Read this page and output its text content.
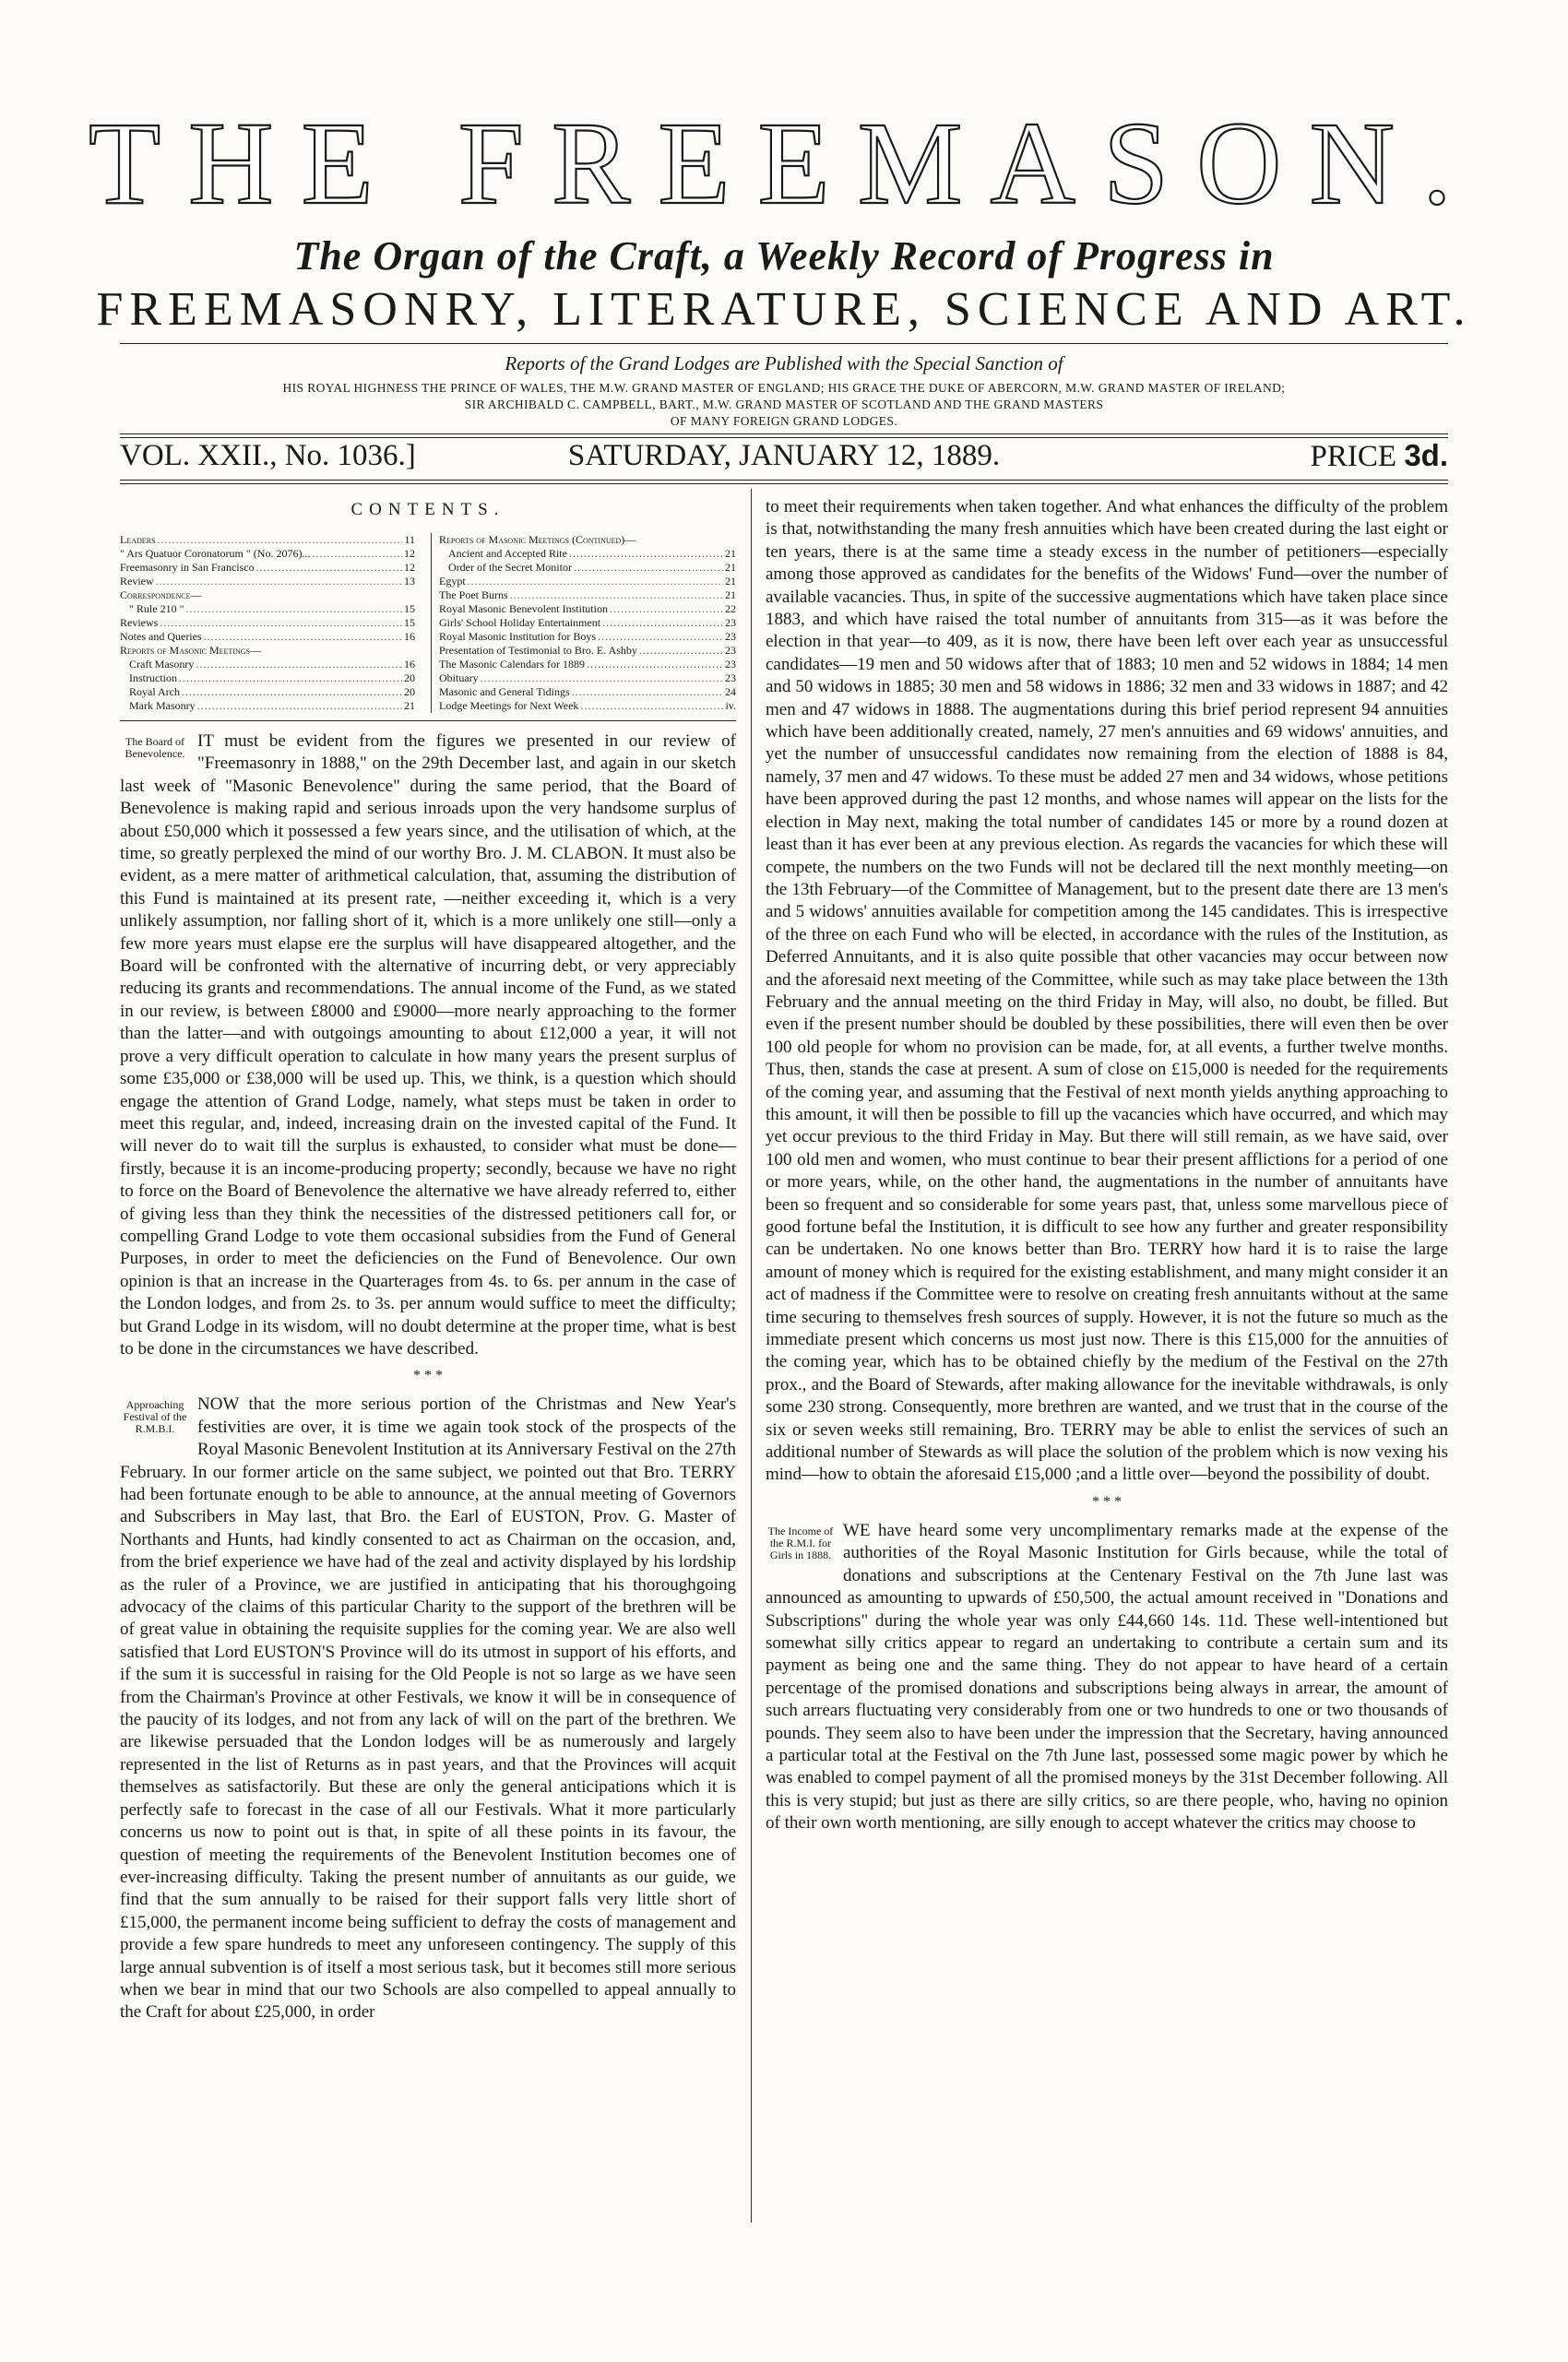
THE FREEMASON.
The Organ of the Craft, a Weekly Record of Progress in
FREEMASONRY, LITERATURE, SCIENCE AND ART.
Reports of the Grand Lodges are Published with the Special Sanction of
HIS ROYAL HIGHNESS THE PRINCE OF WALES, THE M.W. GRAND MASTER OF ENGLAND; HIS GRACE THE DUKE OF ABERCORN, M.W. GRAND MASTER OF IRELAND;
SIR ARCHIBALD C. CAMPBELL, BART., M.W. GRAND MASTER OF SCOTLAND AND THE GRAND MASTERS
OF MANY FOREIGN GRAND LODGES.
VOL. XXII., No. 1036.]	SATURDAY, JANUARY 12, 1889.	PRICE 3d.
CONTENTS.
Leaders .....	11
" Ars Quatuor Coronatorum " (No. 2076)... .....	12
Freemasonry in San Francisco .....	12
Review .....	13
Correspondence—
" Rule 210 " .....	15
Reviews .....	15
Notes and Queries .....	16
Reports of Masonic Meetings—
Craft Masonry .....	16
Instruction .....	20
Royal Arch .....	20
Mark Masonry .....	21
Reports of Masonic Meetings (Continued)—
Ancient and Accepted Rite .....	21
Order of the Secret Monitor .....	21
Egypt .....	21
The Poet Burns .....	21
Royal Masonic Benevolent Institution .....	22
Girls' School Holiday Entertainment .....	23
Royal Masonic Institution for Boys .....	23
Presentation of Testimonial to Bro. E. Ashby .....	23
The Masonic Calendars for 1889 .....	23
Obituary .....	23
Masonic and General Tidings .....	24
Lodge Meetings for Next Week .....	iv.
The Board of Benevolence.

IT must be evident from the figures we presented in our review of "Freemasonry in 1888," on the 29th December last, and again in our sketch last week of "Masonic Benevolence" during the same period, that the Board of Benevolence is making rapid and serious inroads upon the very handsome surplus of about £50,000 which it possessed a few years since, and the utilisation of which, at the time, so greatly perplexed the mind of our worthy Bro. J. M. CLABON. It must also be evident, as a mere matter of arithmetical calculation, that, assuming the distribution of this Fund is maintained at its present rate, —neither exceeding it, which is a very unlikely assumption, nor falling short of it, which is a more unlikely one still—only a few more years must elapse ere the surplus will have disappeared altogether, and the Board will be confronted with the alternative of incurring debt, or very appreciably reducing its grants and recommendations. The annual income of the Fund, as we stated in our review, is between £8000 and £9000—more nearly approaching to the former than the latter—and with outgoings amounting to about £12,000 a year, it will not prove a very difficult operation to calculate in how many years the present surplus of some £35,000 or £38,000 will be used up. This, we think, is a question which should engage the attention of Grand Lodge, namely, what steps must be taken in order to meet this regular, and, indeed, increasing drain on the invested capital of the Fund. It will never do to wait till the surplus is exhausted, to consider what must be done—firstly, because it is an income-producing property; secondly, because we have no right to force on the Board of Benevolence the alternative we have already referred to, either of giving less than they think the necessities of the distressed petitioners call for, or compelling Grand Lodge to vote them occasional subsidies from the Fund of General Purposes, in order to meet the deficiencies on the Fund of Benevolence. Our own opinion is that an increase in the Quarterages from 4s. to 6s. per annum in the case of the London lodges, and from 2s. to 3s. per annum would suffice to meet the difficulty; but Grand Lodge in its wisdom, will no doubt determine at the proper time, what is best to be done in the circumstances we have described.

* * *
Approaching Festival of the R.M.B.I.

NOW that the more serious portion of the Christmas and New Year's festivities are over, it is time we again took stock of the prospects of the Royal Masonic Benevolent Institution at its Anniversary Festival on the 27th February. In our former article on the same subject, we pointed out that Bro. TERRY had been fortunate enough to be able to announce, at the annual meeting of Governors and Subscribers in May last, that Bro. the Earl of EUSTON, Prov. G. Master of Northants and Hunts, had kindly consented to act as Chairman on the occasion, and, from the brief experience we have had of the zeal and activity displayed by his lordship as the ruler of a Province, we are justified in anticipating that his thoroughgoing advocacy of the claims of this particular Charity to the support of the brethren will be of great value in obtaining the requisite supplies for the coming year. We are also well satisfied that Lord EUSTON'S Province will do its utmost in support of his efforts, and if the sum it is successful in raising for the Old People is not so large as we have seen from the Chairman's Province at other Festivals, we know it will be in consequence of the paucity of its lodges, and not from any lack of will on the part of the brethren. We are likewise persuaded that the London lodges will be as numerously and largely represented in the list of Returns as in past years, and that the Provinces will acquit themselves as satisfactorily. But these are only the general anticipations which it is perfectly safe to forecast in the case of all our Festivals. What it more particularly concerns us now to point out is that, in spite of all these points in its favour, the question of meeting the requirements of the Benevolent Institution becomes one of ever-increasing difficulty. Taking the present number of annuitants as our guide, we find that the sum annually to be raised for their support falls very little short of £15,000, the permanent income being sufficient to defray the costs of management and provide a few spare hundreds to meet any unforeseen contingency. The supply of this large annual subvention is of itself a most serious task, but it becomes still more serious when we bear in mind that our two Schools are also compelled to appeal annually to the Craft for about £25,000, in order

to meet their requirements when taken together. And what enhances the difficulty of the problem is that, notwithstanding the many fresh annuities which have been created during the last eight or ten years, there is at the same time a steady excess in the number of petitioners—especially among those approved as candidates for the benefits of the Widows' Fund—over the number of available vacancies. Thus, in spite of the successive augmentations which have taken place since 1883, and which have raised the total number of annuitants from 315—as it was before the election in that year—to 409, as it is now, there have been left over each year as unsuccessful candidates—19 men and 50 widows after that of 1883; 10 men and 52 widows in 1884; 14 men and 50 widows in 1885; 30 men and 58 widows in 1886; 32 men and 33 widows in 1887; and 42 men and 47 widows in 1888. The augmentations during this brief period represent 94 annuities which have been additionally created, namely, 27 men's annuities and 69 widows' annuities, and yet the number of unsuccessful candidates now remaining from the election of 1888 is 84, namely, 37 men and 47 widows. To these must be added 27 men and 34 widows, whose petitions have been approved during the past 12 months, and whose names will appear on the lists for the election in May next, making the total number of candidates 145 or more by a round dozen at least than it has ever been at any previous election. As regards the vacancies for which these will compete, the numbers on the two Funds will not be declared till the next monthly meeting—on the 13th February—of the Committee of Management, but to the present date there are 13 men's and 5 widows' annuities available for competition among the 145 candidates. This is irrespective of the three on each Fund who will be elected, in accordance with the rules of the Institution, as Deferred Annuitants, and it is also quite possible that other vacancies may occur between now and the aforesaid next meeting of the Committee, while such as may take place between the 13th February and the annual meeting on the third Friday in May, will also, no doubt, be filled. But even if the present number should be doubled by these possibilities, there will even then be over 100 old people for whom no provision can be made, for, at all events, a further twelve months. Thus, then, stands the case at present. A sum of close on £15,000 is needed for the requirements of the coming year, and assuming that the Festival of next month yields anything approaching to this amount, it will then be possible to fill up the vacancies which have occurred, and which may yet occur previous to the third Friday in May. But there will still remain, as we have said, over 100 old men and women, who must continue to bear their present afflictions for a period of one or more years, while, on the other hand, the augmentations in the number of annuitants have been so frequent and so considerable for some years past, that, unless some marvellous piece of good fortune befal the Institution, it is difficult to see how any further and greater responsibility can be undertaken. No one knows better than Bro. TERRY how hard it is to raise the large amount of money which is required for the existing establishment, and many might consider it an act of madness if the Committee were to resolve on creating fresh annuitants without at the same time securing to themselves fresh sources of supply. However, it is not the future so much as the immediate present which concerns us most just now. There is this £15,000 for the annuities of the coming year, which has to be obtained chiefly by the medium of the Festival on the 27th prox., and the Board of Stewards, after making allowance for the inevitable withdrawals, is only some 230 strong. Consequently, more brethren are wanted, and we trust that in the course of the six or seven weeks still remaining, Bro. TERRY may be able to enlist the services of such an additional number of Stewards as will place the solution of the problem which is now vexing his mind—how to obtain the aforesaid £15,000 ;and a little over—beyond the possibility of doubt.

* * *
The Income of the R.M.I. for Girls in 1888.

WE have heard some very uncomplimentary remarks made at the expense of the authorities of the Royal Masonic Institution for Girls because, while the total of donations and subscriptions at the Centenary Festival on the 7th June last was announced as amounting to upwards of £50,500, the actual amount received in "Donations and Subscriptions" during the whole year was only £44,660 14s. 11d. These well-intentioned but somewhat silly critics appear to regard an undertaking to contribute a certain sum and its payment as being one and the same thing. They do not appear to have heard of a certain percentage of the promised donations and subscriptions being always in arrear, the amount of such arrears fluctuating very considerably from one or two hundreds to one or two thousands of pounds. They seem also to have been under the impression that the Secretary, having announced a particular total at the Festival on the 7th June last, possessed some magic power by which he was enabled to compel payment of all the promised moneys by the 31st December following. All this is very stupid; but just as there are silly critics, so are there people, who, having no opinion of their own worth mentioning, are silly enough to accept whatever the critics may choose to
